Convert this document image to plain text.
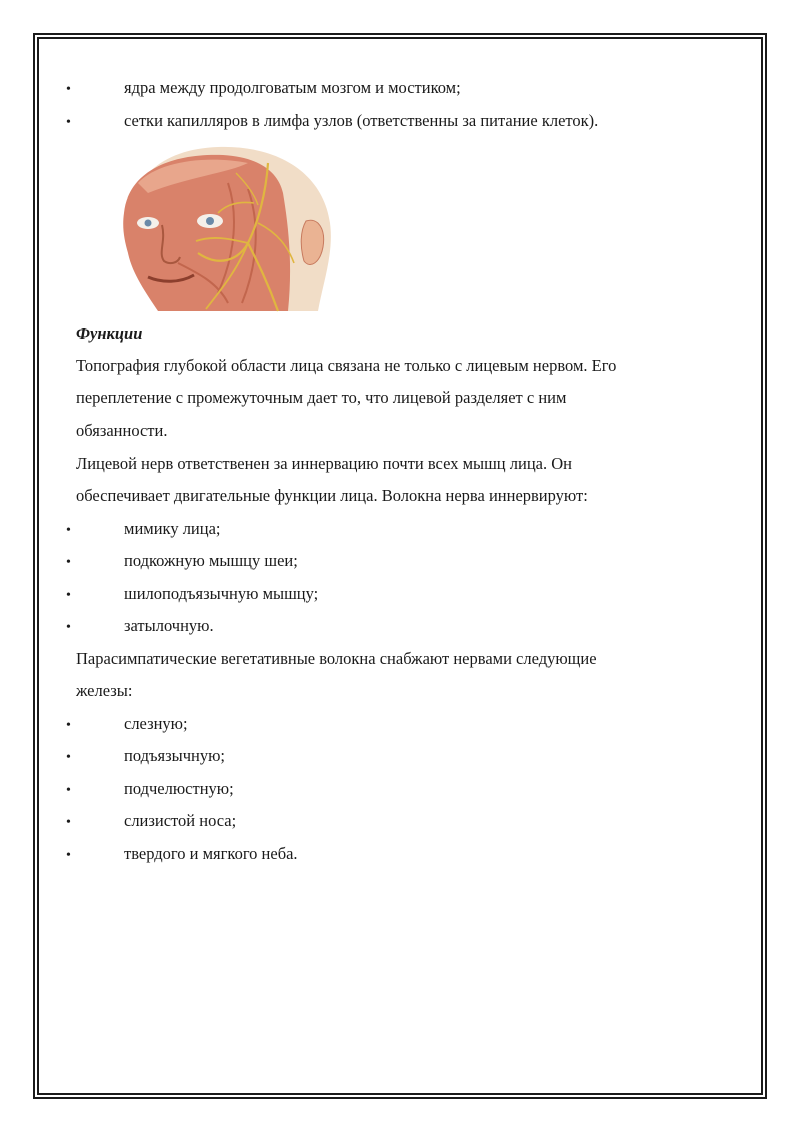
•	ядра между продолговатым мозгом и мостиком;
•	сетки капилляров в лимфа узлов (ответственны за питание клеток).
Функции
Топография глубокой области лица связана не только с лицевым нервом. Его
переплетение с промежуточным дает то, что лицевой разделяет с ним
обязанности.
Лицевой нерв ответственен за иннервацию почти всех мышц лица. Он
обеспечивает двигательные функции лица. Волокна нерва иннервируют:
•	мимику лица;
•	подкожную мышцу шеи;
•	шилоподъязычную мышцу;
•	затылочную.
Парасимпатические вегетативные волокна снабжают нервами следующие
железы:
•	слезную;
•	подъязычную;
•	подчелюстную;
•	слизистой носа;
•	твердого и мягкого неба.
